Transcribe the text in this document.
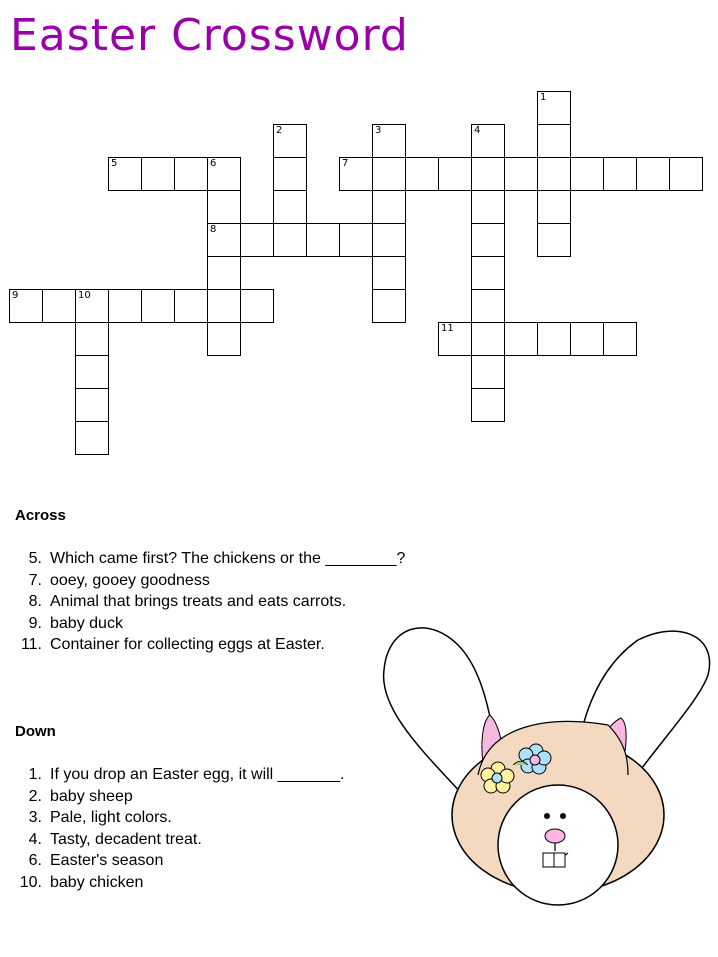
Easter Crossword
1
2	3	4
5	6
8
7
9	10
11
Across
5. Which came first? The chickens or the ________?
7. ooey, gooey goodness
8. Animal that brings treats and eats carrots.
9. baby duck
11. Container for collecting eggs at Easter.
Down
1. If you drop an Easter egg, it will _______.
2. baby sheep
3. Pale, light colors.
4. Tasty, decadent treat.
6. Easter's season
10. baby chicken
